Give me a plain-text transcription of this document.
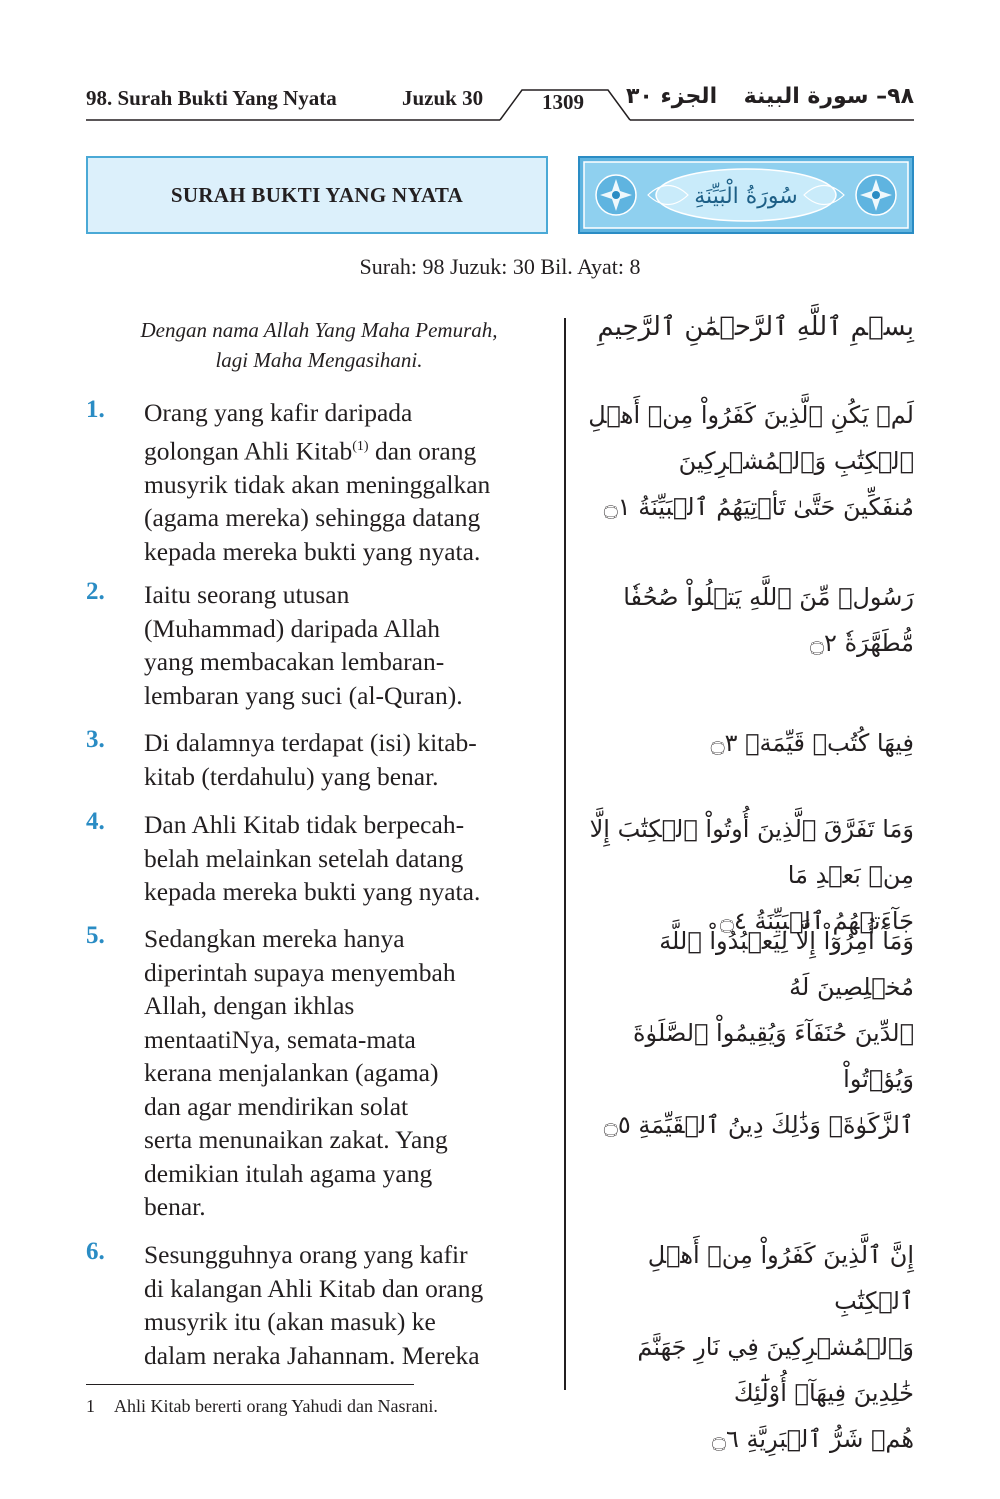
98. Surah Bukti Yang Nyata	Juzuk 30	1309 الجزء ٣٠ ٩٨– سورة البينة
SURAH BUKTI YANG NYATA	سُورَةُ الْبَيِّنَةِ
Surah: 98 Juzuk: 30 Bil. Ayat: 8
Dengan nama Allah Yang Maha Pemurah,
lagi Maha Mengasihani.
بِسۡمِ ٱللَّهِ ٱلرَّحۡمَٰنِ ٱلرَّحِيمِ
1. Orang yang kafir daripada
golongan Ahli Kitab$^{(1)}$ dan orang
musyrik tidak akan meninggalkan
(agama mereka) sehingga datang
kepada mereka bukti yang nyata.
لَمۡ يَكُنِ ٱلَّذِينَ كَفَرُواْ مِنۡ أَهۡلِ ٱلۡكِتَٰبِ وَٱلۡمُشۡرِكِينَ
مُنفَكِّينَ حَتَّىٰ تَأۡتِيَهُمُ ٱلۡبَيِّنَةُ ۝١
2. Iaitu seorang utusan
(Muhammad) daripada Allah
yang membacakan lembaran-
lembaran yang suci (al-Quran).
رَسُولٞ مِّنَ ٱللَّهِ يَتۡلُواْ صُحُفٗا مُّطَهَّرَةٗ ۝٢
3. Di dalamnya terdapat (isi) kitab-
kitab (terdahulu) yang benar.
فِيهَا كُتُبٞ قَيِّمَةٞ ۝٣
4. Dan Ahli Kitab tidak berpecah-
belah melainkan setelah datang
kepada mereka bukti yang nyata.
وَمَا تَفَرَّقَ ٱلَّذِينَ أُوتُواْ ٱلۡكِتَٰبَ إِلَّا مِنۢ بَعۡدِ مَا
جَآءَتۡهُمُ ٱلۡبَيِّنَةُ ۝٤
5. Sedangkan mereka hanya
diperintah supaya menyembah
Allah, dengan ikhlas
mentaatiNya, semata-mata
kerana menjalankan (agama)
dan agar mendirikan solat
serta menunaikan zakat. Yang
demikian itulah agama yang
benar.
وَمَآ أُمِرُوٓاْ إِلَّا لِيَعۡبُدُواْ ٱللَّهَ مُخۡلِصِينَ لَهُ
ٱلدِّينَ حُنَفَآءَ وَيُقِيمُواْ ٱلصَّلَوٰةَ وَيُؤۡتُواْ
ٱلزَّكَوٰةَۚ وَذَٰلِكَ دِينُ ٱلۡقَيِّمَةِ ۝٥
6. Sesungguhnya orang yang kafir
di kalangan Ahli Kitab dan orang
musyrik itu (akan masuk) ke
dalam neraka Jahannam. Mereka
إِنَّ ٱلَّذِينَ كَفَرُواْ مِنۡ أَهۡلِ ٱلۡكِتَٰبِ
وَٱلۡمُشۡرِكِينَ فِي نَارِ جَهَنَّمَ خَٰلِدِينَ فِيهَآۚ أُوْلَٰٓئِكَ
هُمۡ شَرُّ ٱلۡبَرِيَّةِ ۝٦
1 Ahli Kitab bererti orang Yahudi dan Nasrani.
